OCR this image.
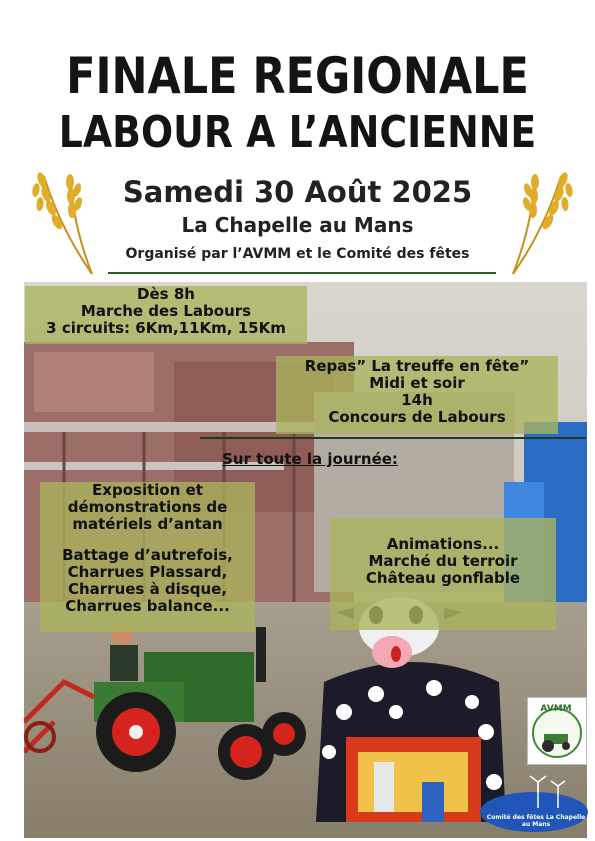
FINALE REGIONALE
LABOUR A L’ANCIENNE
Samedi 30 Août 2025
La Chapelle au Mans
Organisé par l’AVMM et le Comité des fêtes
Dès 8h
Marche des Labours
3 circuits: 6Km,11Km, 15Km
Repas” La treuffe en fête”
Midi et soir
14h
Concours de Labours
Sur toute la journée:
Exposition et
démonstrations de
matériels d’antan
Battage d’autrefois,
Charrues Plassard,
Charrues à disque,
Charrues balance...
Animations...
Marché du terroir
Château gonflable
AVMM
Comité des fêtes La Chapelle au Mans
